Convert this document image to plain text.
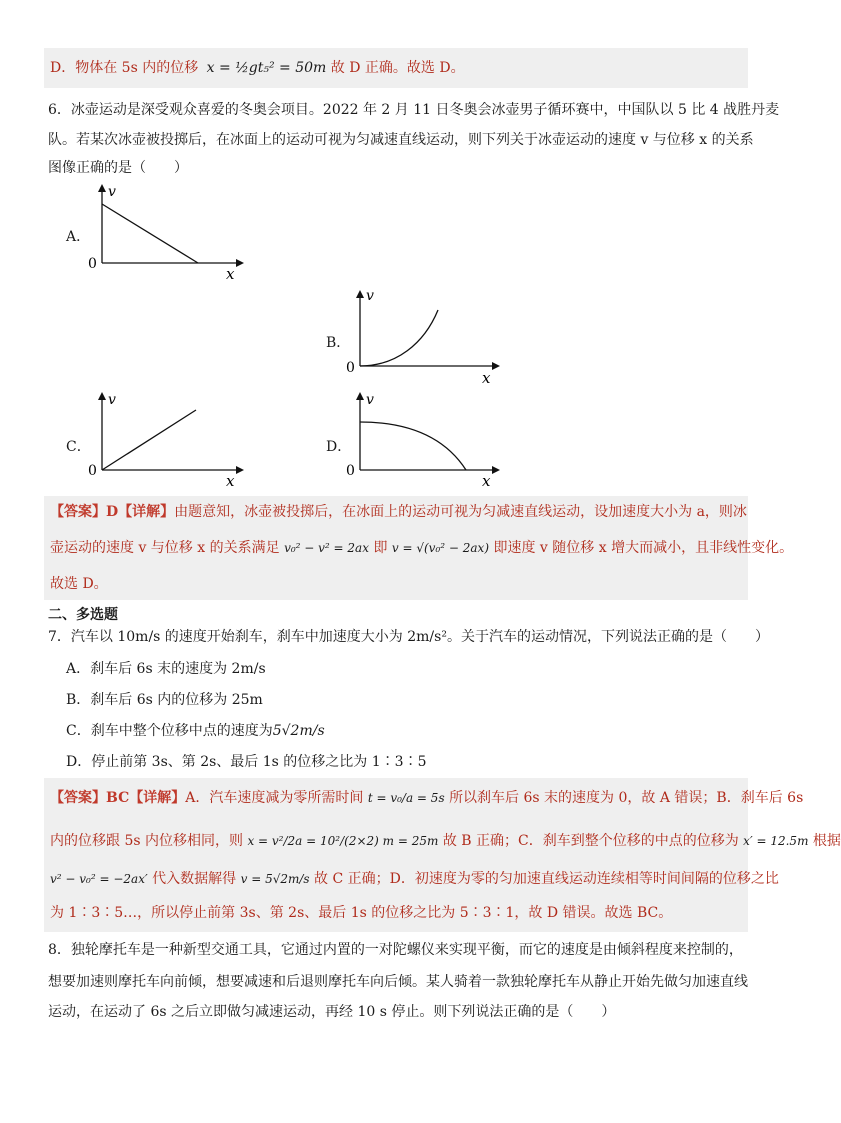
D．物体在 5s 内的位移 x = ½gt₅² = 50m 故 D 正确。故选 D。
6．冰壶运动是深受观众喜爱的冬奥会项目。2022 年 2 月 11 日冬奥会冰壶男子循环赛中，中国队以 5 比 4 战胜丹麦
队。若某次冰壶被投掷后，在冰面上的运动可视为匀减速直线运动，则下列关于冰壶运动的速度 v 与位移 x 的关系
图像正确的是（　　）
A．
v
x
0
B．
v
x
0
C．
v
x
0
D．
v
x
0
【答案】D【详解】由题意知，冰壶被投掷后，在冰面上的运动可视为匀减速直线运动，设加速度大小为 a，则冰
壶运动的速度 v 与位移 x 的关系满足 v₀² − v² = 2ax 即 v = √(v₀² − 2ax) 即速度 v 随位移 x 增大而减小，且非线性变化。
故选 D。
二、多选题
7．汽车以 10m/s 的速度开始刹车，刹车中加速度大小为 2m/s²。关于汽车的运动情况，下列说法正确的是（　　）
A．刹车后 6s 末的速度为 2m/s
B．刹车后 6s 内的位移为 25m
C．刹车中整个位移中点的速度为5√2m/s
D．停止前第 3s、第 2s、最后 1s 的位移之比为 1∶3∶5
【答案】BC【详解】A．汽车速度减为零所需时间 t = v₀/a = 5s 所以刹车后 6s 末的速度为 0，故 A 错误；B．刹车后 6s
内的位移跟 5s 内位移相同，则 x = v²/2a = 10²/(2×2) m = 25m 故 B 正确；C．刹车到整个位移的中点的位移为 x′ = 12.5m 根据
v² − v₀² = −2ax′ 代入数据解得 v = 5√2m/s 故 C 正确；D．初速度为零的匀加速直线运动连续相等时间间隔的位移之比
为 1∶3∶5…，所以停止前第 3s、第 2s、最后 1s 的位移之比为 5∶3∶1，故 D 错误。故选 BC。
8．独轮摩托车是一种新型交通工具，它通过内置的一对陀螺仪来实现平衡，而它的速度是由倾斜程度来控制的，
想要加速则摩托车向前倾，想要减速和后退则摩托车向后倾。某人骑着一款独轮摩托车从静止开始先做匀加速直线
运动，在运动了 6s 之后立即做匀减速运动，再经 10 s 停止。则下列说法正确的是（　　）
